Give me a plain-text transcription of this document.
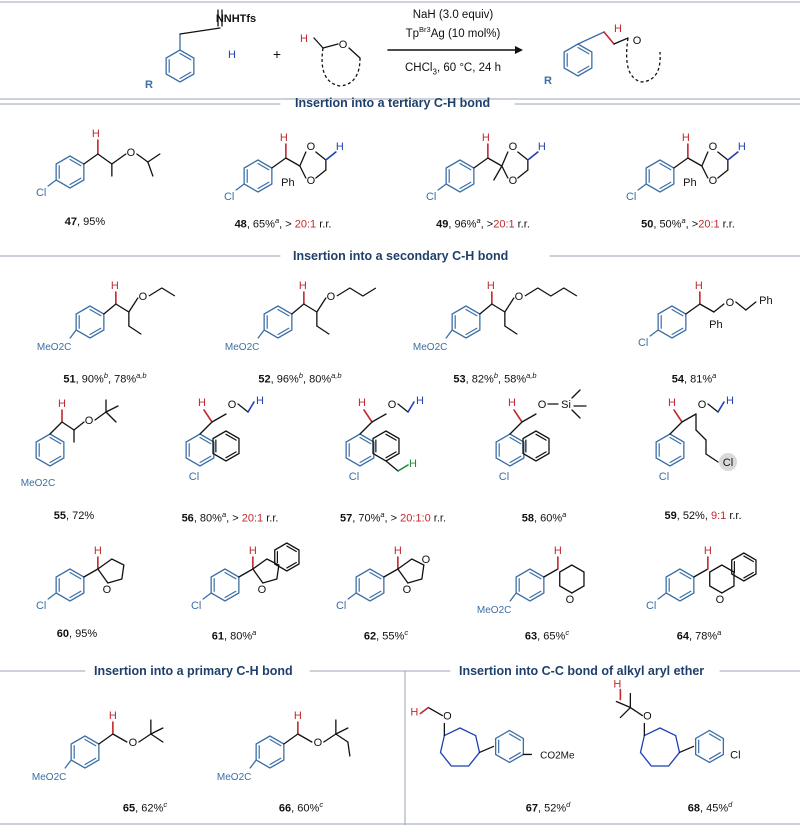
NNHTfs
H
R
+
H	O
H
O
R
NaH (3.0 equiv)
$Tp^{Br3}Ag$ (10 mol%)
CHCl$_3$, 60 °C, 24 h
Insertion into a tertiary C-H bond
Insertion into a secondary C-H bond
Insertion into a primary C-H bond	Insertion into C-C bond of alkyl aryl ether
Cl
H
O
Cl
H
O
O
H
Ph
Cl
H
O
O
H
Cl
H
O
O
H
Ph
MeO2C
H
O
MeO2C
H
O
MeO2C
H
O
Cl
H
Ph
O Ph
MeO2C
H
O
Cl
H O H
Cl
H O H
H
Cl
H O Si
Cl
H O H
Cl
Cl
H
O
Cl
H
O
Cl
H
O
O
MeO2C
H
O	Cl
H
O
MeO2C
H
O
MeO2C
H
O
O
H
CO2Me
O
H
Cl
47, 95%	48, 65%$^a$, > 20:1 r.r.	49, 96%$^a$, >20:1 r.r.	50, 50%$^a$, >20:1 r.r.
51, 90%$^b$, 78%$^{a,b}$	52, 96%$^b$, 80%$^{a,b}$	53, 82%$^b$, 58%$^{a,b}$	54, 81%$^a$
55, 72%	56, 80%$^a$, > 20:1 r.r.	57, 70%$^a$, > 20:1:0 r.r.	58, 60%$^a$	59, 52%, 9:1 r.r.
60, 95%	61, 80%$^a$	62, 55%$^c$	63, 65%$^c$	64, 78%$^a$
65, 62%$^c$	66, 60%$^c$	67, 52%$^d$	68, 45%$^d$
